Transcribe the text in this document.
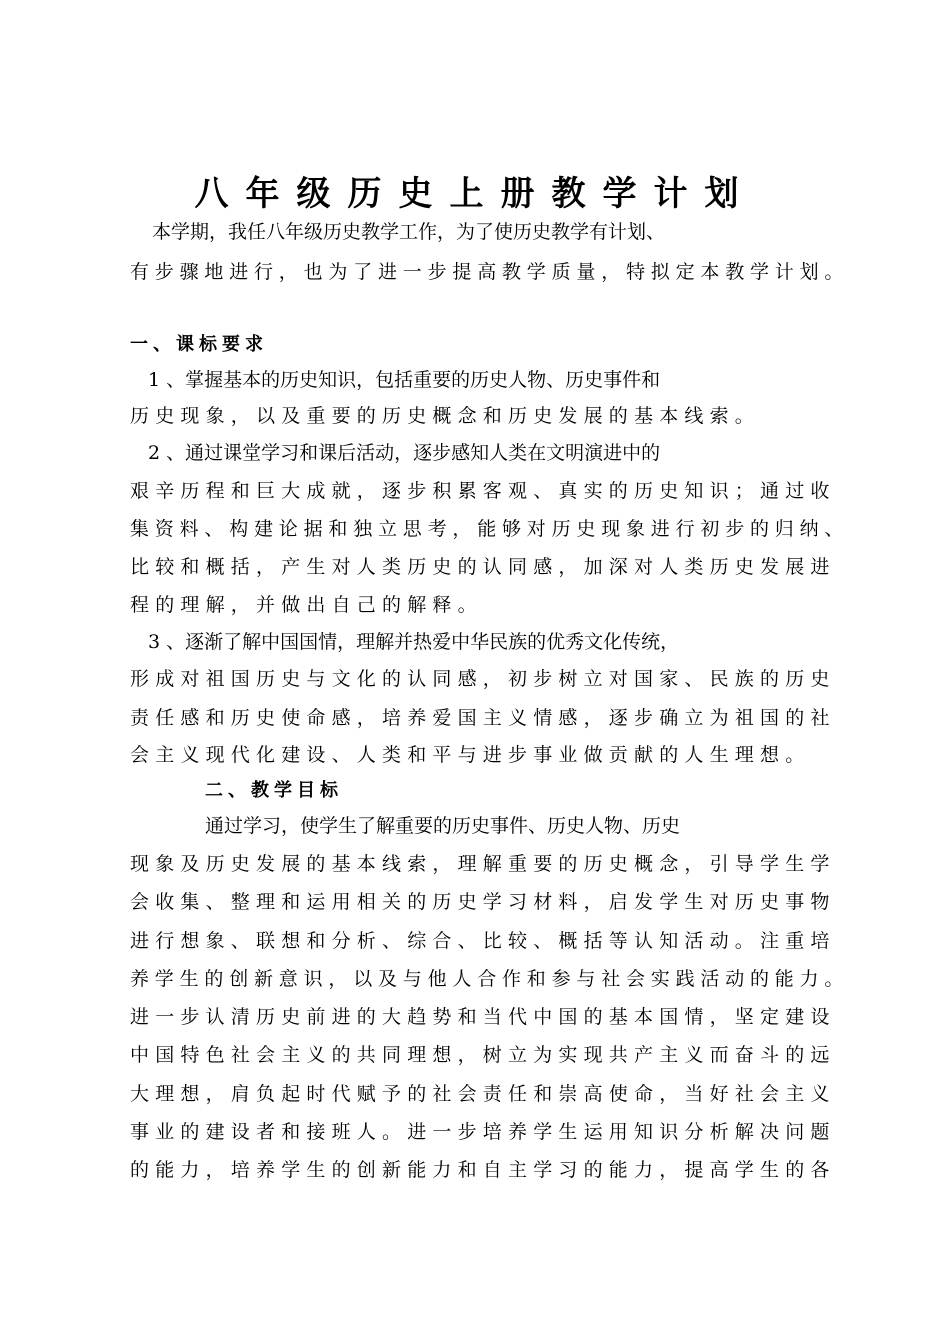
八年级历史上册教学计划
本学期，我任八年级历史教学工作，为了使历史教学有计划、
有步骤地进行，也为了进一步提高教学质量，特拟定本教学计划。
一、课标要求
1 、掌握基本的历史知识，包括重要的历史人物、历史事件和
历史现象，以及重要的历史概念和历史发展的基本线索。
2 、通过课堂学习和课后活动，逐步感知人类在文明演进中的
艰辛历程和巨大成就，逐步积累客观、真实的历史知识；通过收
集资料、构建论据和独立思考，能够对历史现象进行初步的归纳、
比较和概括，产生对人类历史的认同感，加深对人类历史发展进
程的理解，并做出自己的解释。
3 、逐渐了解中国国情，理解并热爱中华民族的优秀文化传统，
形成对祖国历史与文化的认同感，初步树立对国家、民族的历史
责任感和历史使命感，培养爱国主义情感，逐步确立为祖国的社
会主义现代化建设、人类和平与进步事业做贡献的人生理想。
二、教学目标
通过学习，使学生了解重要的历史事件、历史人物、历史
现象及历史发展的基本线索，理解重要的历史概念，引导学生学
会收集、整理和运用相关的历史学习材料，启发学生对历史事物
进行想象、联想和分析、综合、比较、概括等认知活动。注重培
养学生的创新意识，以及与他人合作和参与社会实践活动的能力。
进一步认清历史前进的大趋势和当代中国的基本国情，坚定建设
中国特色社会主义的共同理想，树立为实现共产主义而奋斗的远
大理想，肩负起时代赋予的社会责任和崇高使命，当好社会主义
事业的建设者和接班人。进一步培养学生运用知识分析解决问题
的能力，培养学生的创新能力和自主学习的能力，提高学生的各
